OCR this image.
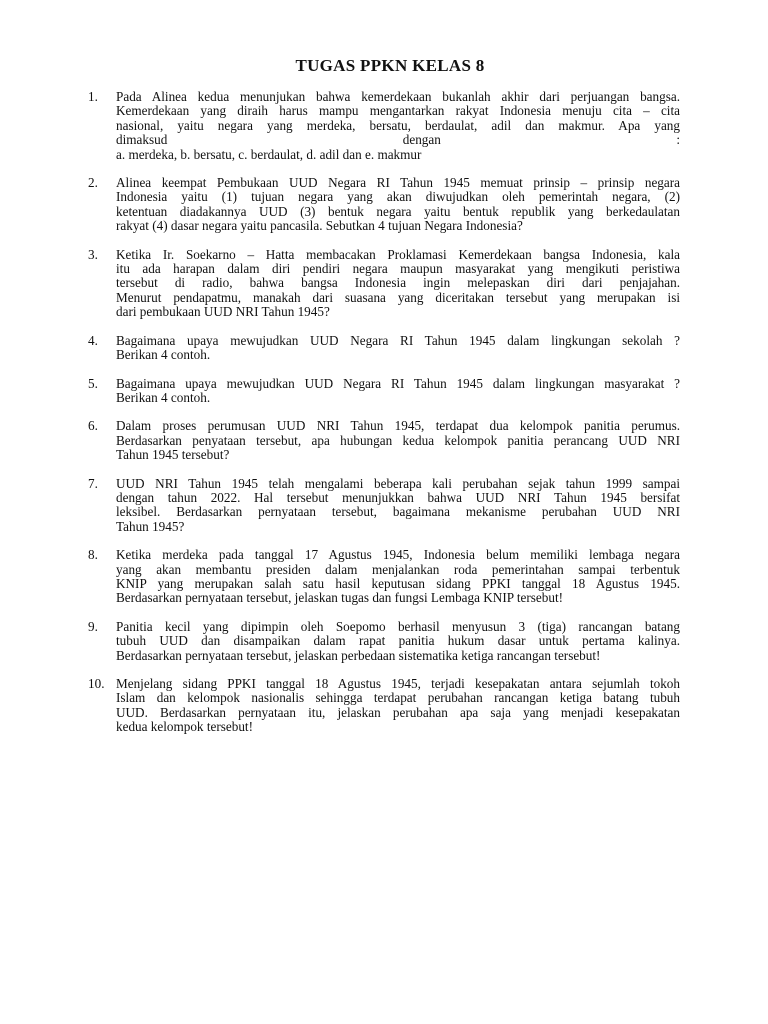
TUGAS PPKN KELAS 8
1.	Pada Alinea kedua menunjukan bahwa kemerdekaan bukanlah akhir dari perjuangan bangsa.
Kemerdekaan yang diraih harus mampu mengantarkan rakyat Indonesia menuju cita – cita
nasional, yaitu negara yang merdeka, bersatu, berdaulat, adil dan makmur. Apa yang
dimaksud dengan :
a. merdeka, b. bersatu, c. berdaulat, d. adil dan e. makmur
2.	Alinea keempat Pembukaan UUD Negara RI Tahun 1945 memuat prinsip – prinsip negara
Indonesia yaitu (1) tujuan negara yang akan diwujudkan oleh pemerintah negara, (2)
ketentuan diadakannya UUD (3) bentuk negara yaitu bentuk republik yang berkedaulatan
rakyat (4) dasar negara yaitu pancasila. Sebutkan 4 tujuan Negara Indonesia?
3.	Ketika Ir. Soekarno – Hatta membacakan Proklamasi Kemerdekaan bangsa Indonesia, kala
itu ada harapan dalam diri pendiri negara maupun masyarakat yang mengikuti peristiwa
tersebut di radio, bahwa bangsa Indonesia ingin melepaskan diri dari penjajahan.
Menurut pendapatmu, manakah dari suasana yang diceritakan tersebut yang merupakan isi
dari pembukaan UUD NRI Tahun 1945?
4.	Bagaimana upaya mewujudkan UUD Negara RI Tahun 1945 dalam lingkungan sekolah ?
Berikan 4 contoh.
5.	Bagaimana upaya mewujudkan UUD Negara RI Tahun 1945 dalam lingkungan masyarakat ?
Berikan 4 contoh.
6.	Dalam proses perumusan UUD NRI Tahun 1945, terdapat dua kelompok panitia perumus.
Berdasarkan penyataan tersebut, apa hubungan kedua kelompok panitia perancang UUD NRI
Tahun 1945 tersebut?
7.	UUD NRI Tahun 1945 telah mengalami beberapa kali perubahan sejak tahun 1999 sampai
dengan tahun 2022. Hal tersebut menunjukkan bahwa UUD NRI Tahun 1945 bersifat
leksibel. Berdasarkan pernyataan tersebut, bagaimana mekanisme perubahan UUD NRI
Tahun 1945?
8.	Ketika merdeka pada tanggal 17 Agustus 1945, Indonesia belum memiliki lembaga negara
yang akan membantu presiden dalam menjalankan roda pemerintahan sampai terbentuk
KNIP yang merupakan salah satu hasil keputusan sidang PPKI tanggal 18 Agustus 1945.
Berdasarkan pernyataan tersebut, jelaskan tugas dan fungsi Lembaga KNIP tersebut!
9.	Panitia kecil yang dipimpin oleh Soepomo berhasil menyusun 3 (tiga) rancangan batang
tubuh UUD dan disampaikan dalam rapat panitia hukum dasar untuk pertama kalinya.
Berdasarkan pernyataan tersebut, jelaskan perbedaan sistematika ketiga rancangan tersebut!
10. Menjelang sidang PPKI tanggal 18 Agustus 1945, terjadi kesepakatan antara sejumlah tokoh
Islam dan kelompok nasionalis sehingga terdapat perubahan rancangan ketiga batang tubuh
UUD. Berdasarkan pernyataan itu, jelaskan perubahan apa saja yang menjadi kesepakatan
kedua kelompok tersebut!
